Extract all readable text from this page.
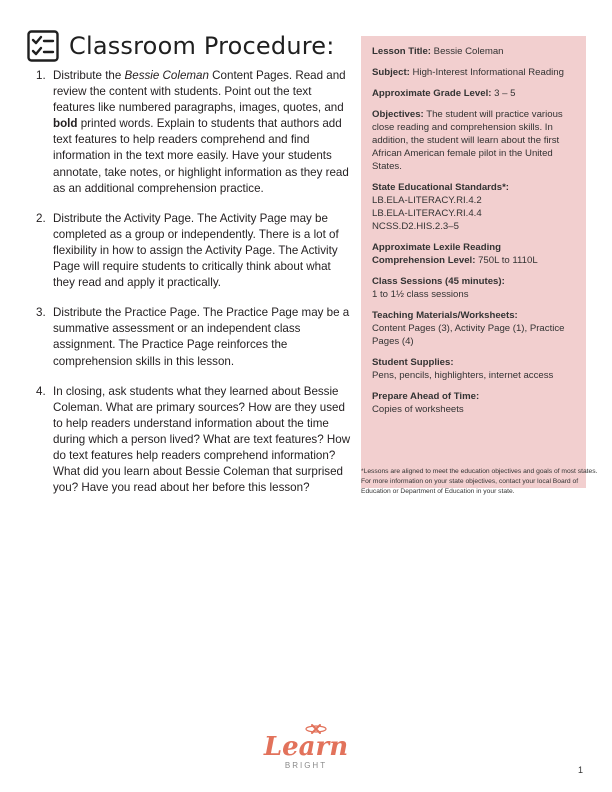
Classroom Procedure:
1. Distribute the Bessie Coleman Content Pages. Read and review the content with students. Point out the text features like numbered paragraphs, images, quotes, and bold printed words. Explain to students that authors add text features to help readers comprehend and find information in the text more easily. Have your students annotate, take notes, or highlight information as they read as an additional comprehension practice.
2. Distribute the Activity Page. The Activity Page may be completed as a group or independently. There is a lot of flexibility in how to assign the Activity Page. The Activity Page will require students to critically think about what they read and apply it practically.
3. Distribute the Practice Page. The Practice Page may be a summative assessment or an independent class assignment. The Practice Page reinforces the comprehension skills in this lesson.
4. In closing, ask students what they learned about Bessie Coleman. What are primary sources? How are they used to help readers understand information about the time during which a person lived? What are text features? How do text features help readers comprehend information? What did you learn about Bessie Coleman that surprised you? Have you read about her before this lesson?
Lesson Title: Bessie Coleman
Subject: High-Interest Informational Reading
Approximate Grade Level: 3 – 5
Objectives: The student will practice various close reading and comprehension skills. In addition, the student will learn about the first African American female pilot in the United States.
State Educational Standards*:
LB.ELA-LITERACY.RI.4.2
LB.ELA-LITERACY.RI.4.4
NCSS.D2.HIS.2.3–5
Approximate Lexile Reading Comprehension Level: 750L to 1110L
Class Sessions (45 minutes):
1 to 1½ class sessions
Teaching Materials/Worksheets:
Content Pages (3), Activity Page (1), Practice Pages (4)
Student Supplies:
Pens, pencils, highlighters, internet access
Prepare Ahead of Time:
Copies of worksheets
*Lessons are aligned to meet the education objectives and goals of most states. For more information on your state objectives, contact your local Board of Education or Department of Education in your state.
Learn
BRIGHT	1
